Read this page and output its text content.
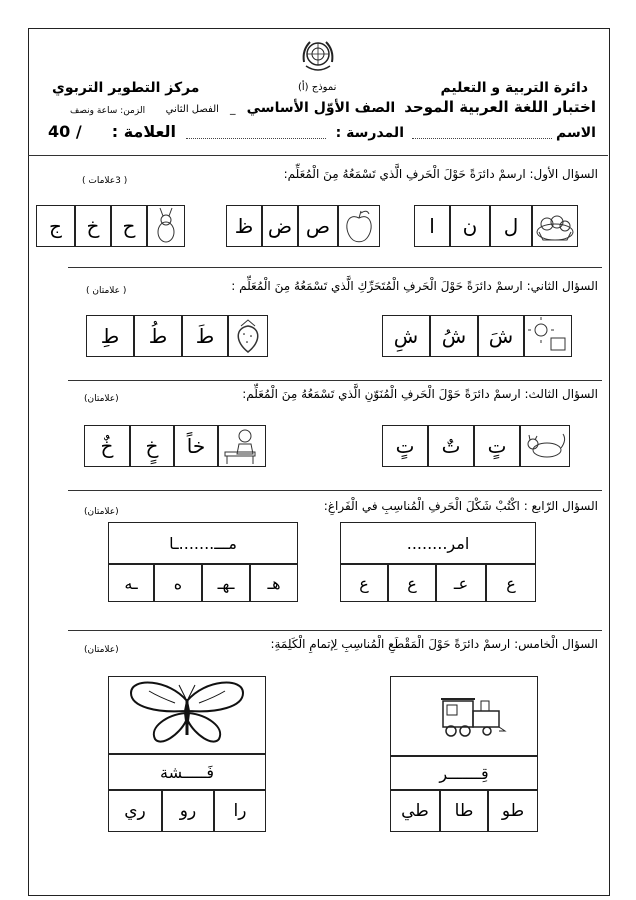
دائرة التربية و التعليم
مركز التطوير التربوي	نموذج (أ)
اختبار اللغة العربية الموحد الصف الأوّل الأساسي _ الفصل الثاني
الزمن: ساعة ونصف
الاسم
المدرسة :
العلامة :
40 /
السؤال الأول: ارسمْ دائرَةً حَوْلَ الْحَرفِ الَّذي تَسْمَعُهُ مِنَ الْمُعَلِّم:
( 3علامات )
ل
ن
ا
ص
ض
ظ
ح
خ
ج
السؤال الثاني: ارسمْ دائرَةً حَوْلَ الْحَرفِ الْمُتَحَرِّكِ الَّذي تَسْمَعُهُ مِنَ الْمُعَلِّم :
( علامتان )
شَ
شُ
شِ
طَ
طُ
طِ
السؤال الثالث: ارسمْ دائرَةً حَوْلَ الْحَرفِ الْمُنَوّنِ الَّذي تَسْمَعُهُ مِنَ الْمُعَلِّم:
(علامتان)
تٍ
تٌ
تٍ
خاً
خٍ
خٌ
السؤال الرّابع : اكْتُبْ شَكْلَ الْحَرفِ الْمُناسِبِ في الْفَراغِ:
(علامتان)
........امر
ع
عـ
ع
ع
مـــ.......ـا
هـ
ـهـ
ه
ـه
السؤال الْخامس: ارسمْ دائرَةً حَوْلَ الْمَقْطَعِ الْمُناسِبِ لِإتمامِ الْكَلِمَةِ:
(علامتان)
قِـــــــر
طو
طا
طي
فَـــــشة
را
رو
ري
